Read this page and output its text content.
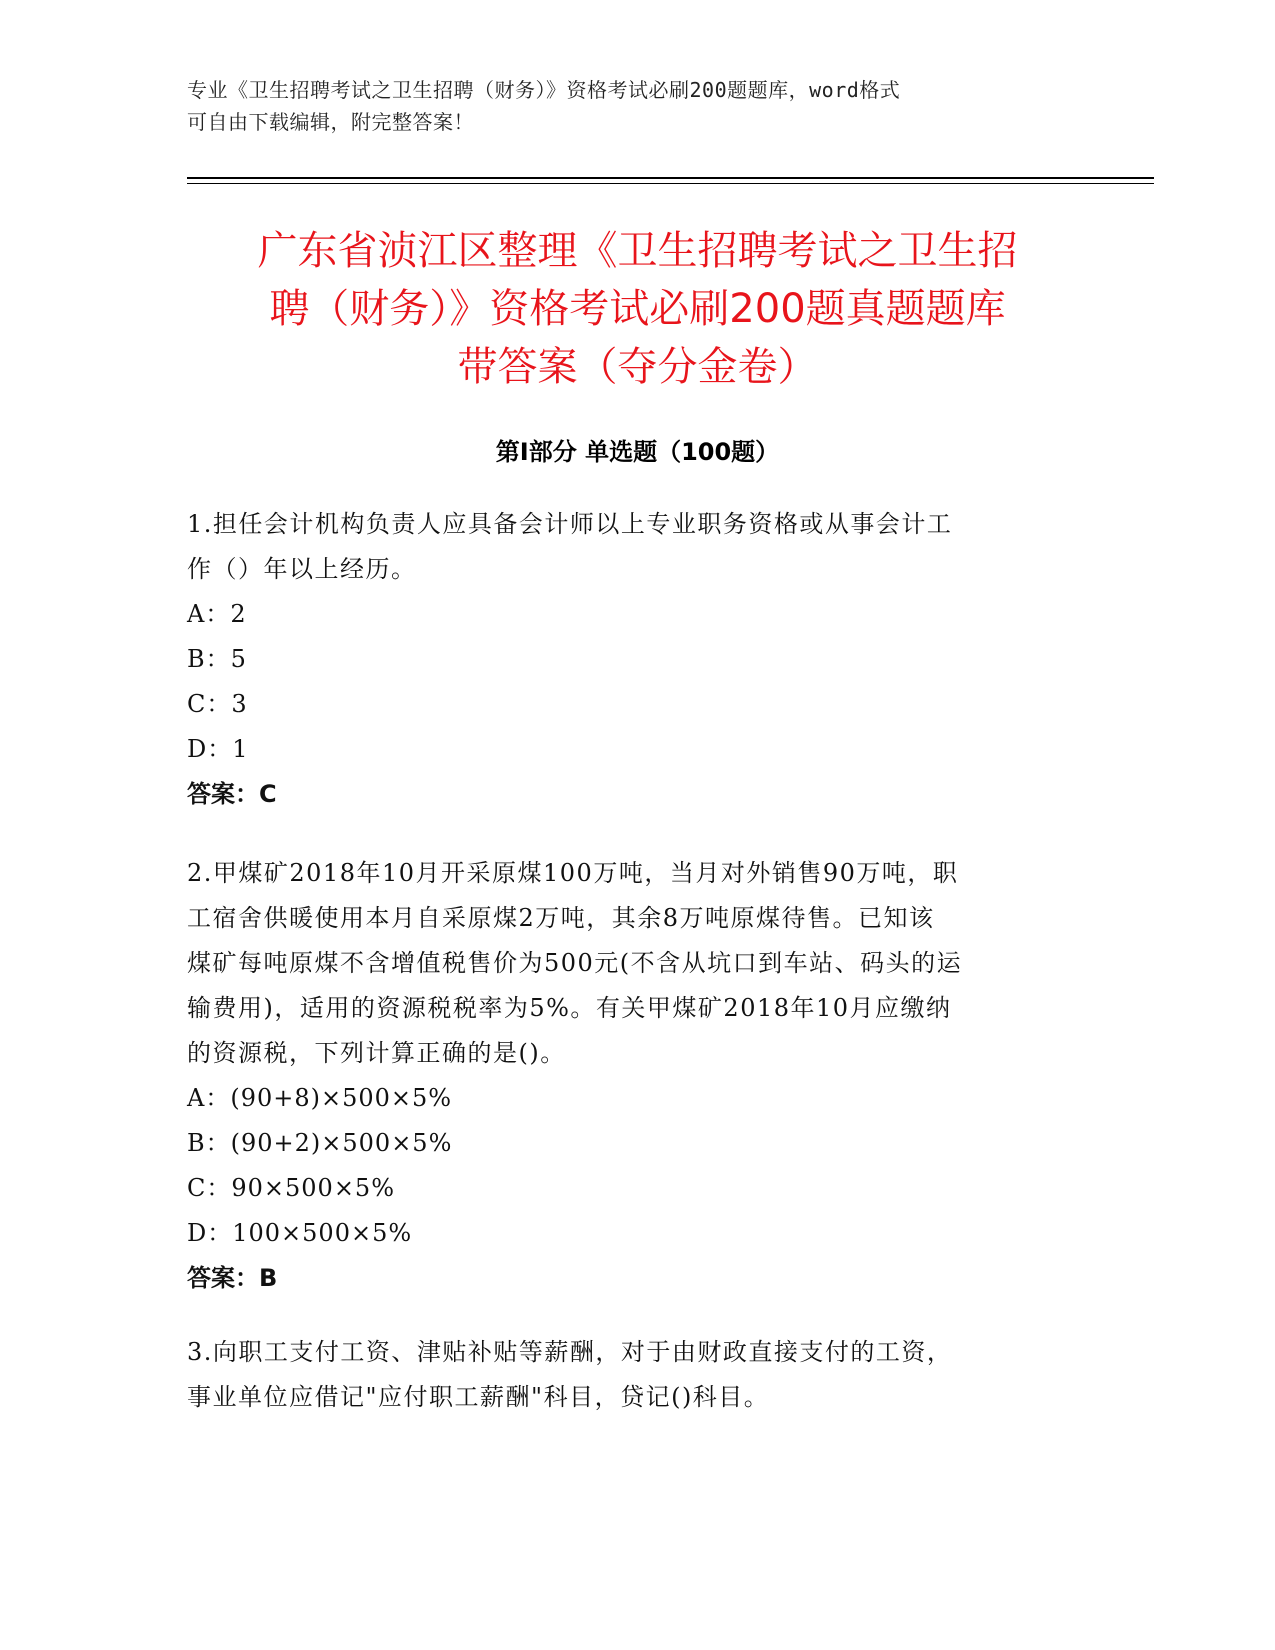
专业《卫生招聘考试之卫生招聘（财务）》资格考试必刷200题题库，word格式
可自由下载编辑，附完整答案！
广东省浈江区整理《卫生招聘考试之卫生招
聘（财务）》资格考试必刷200题真题题库
带答案（夺分金卷）
第Ⅰ部分 单选题（100题）
1.担任会计机构负责人应具备会计师以上专业职务资格或从事会计工
作（）年以上经历。
A：2
B：5
C：3
D：1
答案：C
2.甲煤矿2018年10月开采原煤100万吨，当月对外销售90万吨，职
工宿舍供暖使用本月自采原煤2万吨，其余8万吨原煤待售。已知该
煤矿每吨原煤不含增值税售价为500元(不含从坑口到车站、码头的运
输费用)，适用的资源税税率为5%。有关甲煤矿2018年10月应缴纳
的资源税，下列计算正确的是()。
A：(90+8)×500×5%
B：(90+2)×500×5%
C：90×500×5%
D：100×500×5%
答案：B
3.向职工支付工资、津贴补贴等薪酬，对于由财政直接支付的工资，
事业单位应借记"应付职工薪酬"科目，贷记()科目。
